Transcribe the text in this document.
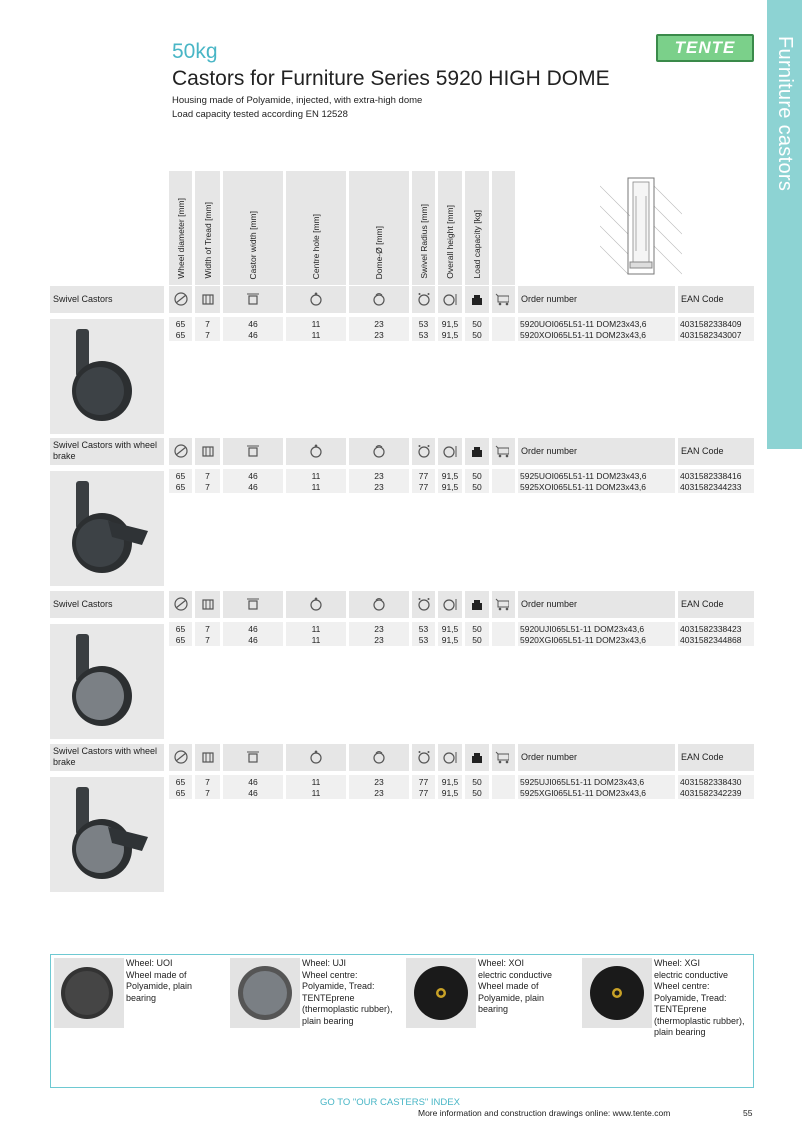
Furniture castors
50kg
Castors for Furniture Series 5920 HIGH DOME
Housing made of Polyamide, injected, with extra-high dome
Load capacity tested according EN 12528
TENTE
Wheel diameter [mm] Width of Tread [mm]	Castor width [mm]	Centre hole [mm]	Dome-Ø [mm]	Swivel Radius [mm] Overall height [mm] Load capacity [kg]
Swivel Castors	Order number	EAN Code
65	7	46	11	23	53	91,5	50	5920UOI065L51-11 DOM23x43,6	4031582338409
65	7	46	11	23	53	91,5	50	5920XOI065L51-11 DOM23x43,6	4031582343007
Swivel Castors with wheel brake	Order number	EAN Code
65	7	46	11	23	77	91,5	50	5925UOI065L51-11 DOM23x43,6	4031582338416
65	7	46	11	23	77	91,5	50	5925XOI065L51-11 DOM23x43,6	4031582344233
Swivel Castors	Order number	EAN Code
65	7	46	11	23	53	91,5	50	5920UJI065L51-11 DOM23x43,6	4031582338423
65	7	46	11	23	53	91,5	50	5920XGI065L51-11 DOM23x43,6	4031582344868
Swivel Castors with wheel brake	Order number	EAN Code
65	7	46	11	23	77	91,5	50	5925UJI065L51-11 DOM23x43,6	4031582338430
65	7	46	11	23	77	91,5	50	5925XGI065L51-11 DOM23x43,6	4031582342239
Wheel: UOI
Wheel made of
Polyamide, plain
bearing
Wheel: UJI
Wheel centre:
Polyamide, Tread:
TENTEprene
(thermoplastic rubber),
plain bearing
Wheel: XOI
electric conductive
Wheel made of
Polyamide, plain
bearing
Wheel: XGI
electric conductive
Wheel centre:
Polyamide, Tread:
TENTEprene
(thermoplastic rubber),
plain bearing
GO TO "OUR CASTERS" INDEX
More information and construction drawings online: www.tente.com	55
